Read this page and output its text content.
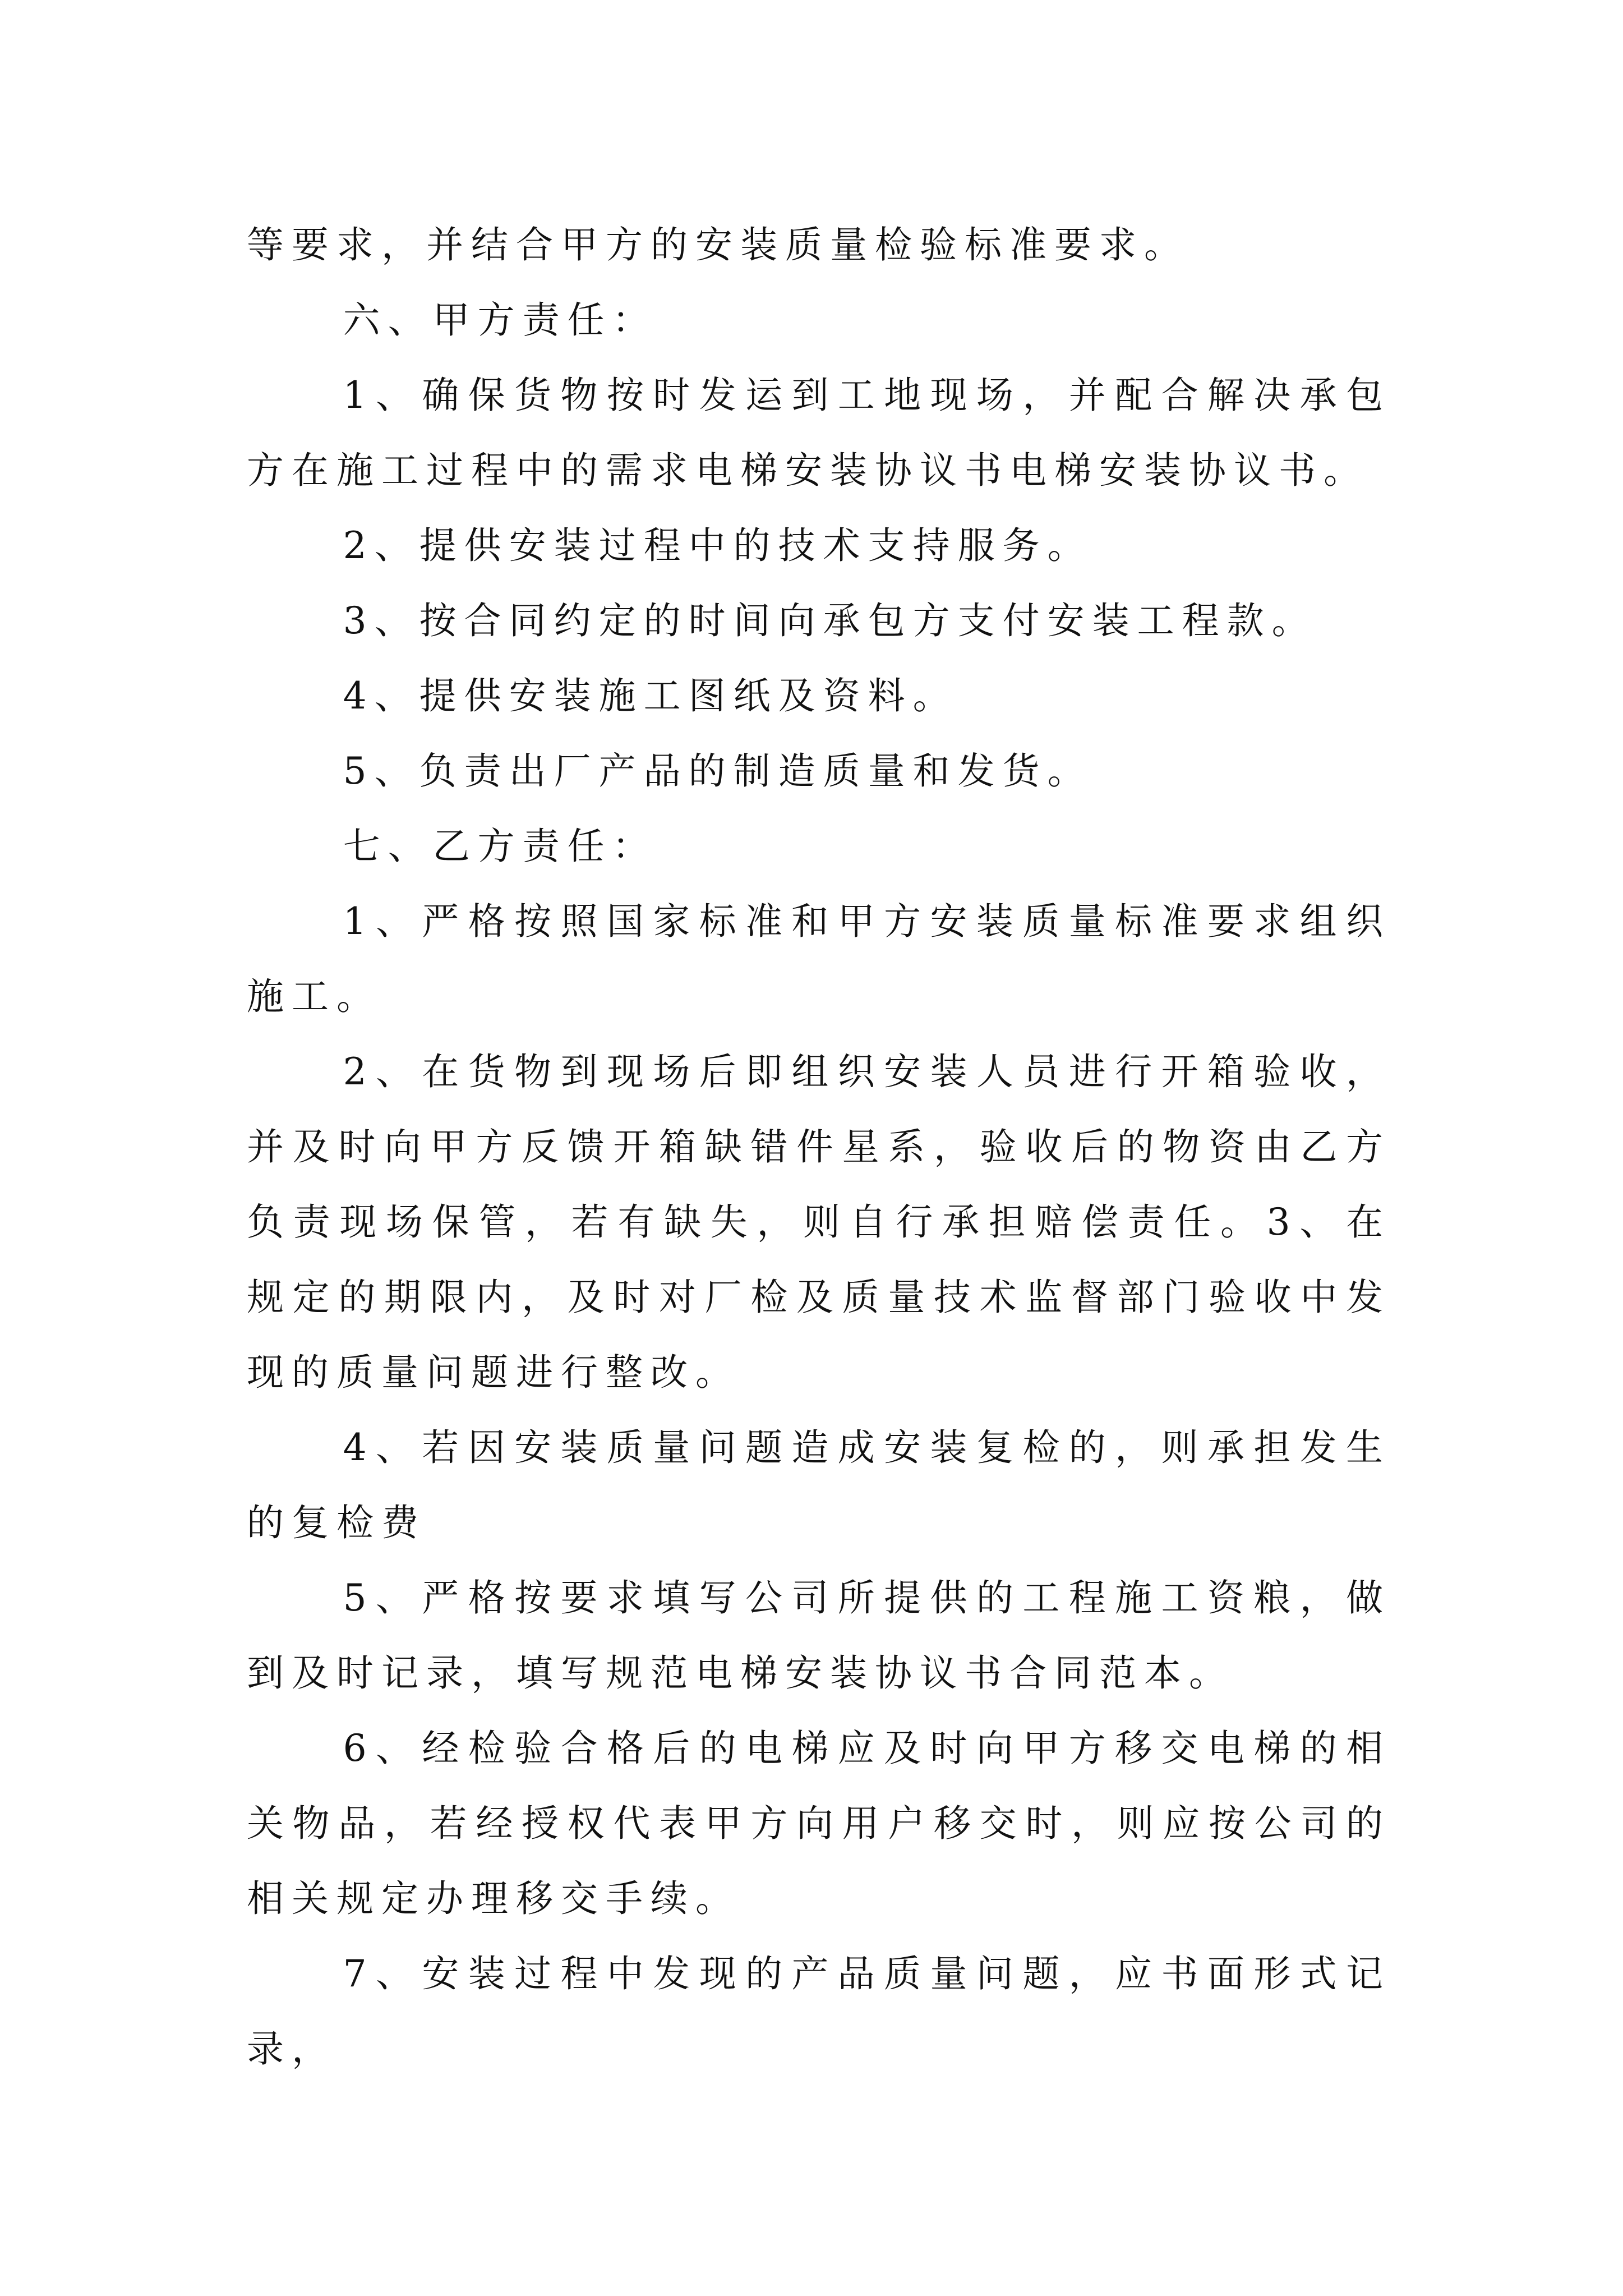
等要求，并结合甲方的安装质量检验标准要求。

六、甲方责任：

1、确保货物按时发运到工地现场，并配合解决承包方在施工过程中的需求电梯安装协议书电梯安装协议书。

2、提供安装过程中的技术支持服务。

3、按合同约定的时间向承包方支付安装工程款。

4、提供安装施工图纸及资料。

5、负责出厂产品的制造质量和发货。

七、乙方责任：

1、严格按照国家标准和甲方安装质量标准要求组织施工。

2、在货物到现场后即组织安装人员进行开箱验收，并及时向甲方反馈开箱缺错件星系，验收后的物资由乙方负责现场保管，若有缺失，则自行承担赔偿责任。3、在规定的期限内，及时对厂检及质量技术监督部门验收中发现的质量问题进行整改。

4、若因安装质量问题造成安装复检的，则承担发生的复检费

5、严格按要求填写公司所提供的工程施工资粮，做到及时记录，填写规范电梯安装协议书合同范本。

6、经检验合格后的电梯应及时向甲方移交电梯的相关物品，若经授权代表甲方向用户移交时，则应按公司的相关规定办理移交手续。

7、安装过程中发现的产品质量问题，应书面形式记录，
